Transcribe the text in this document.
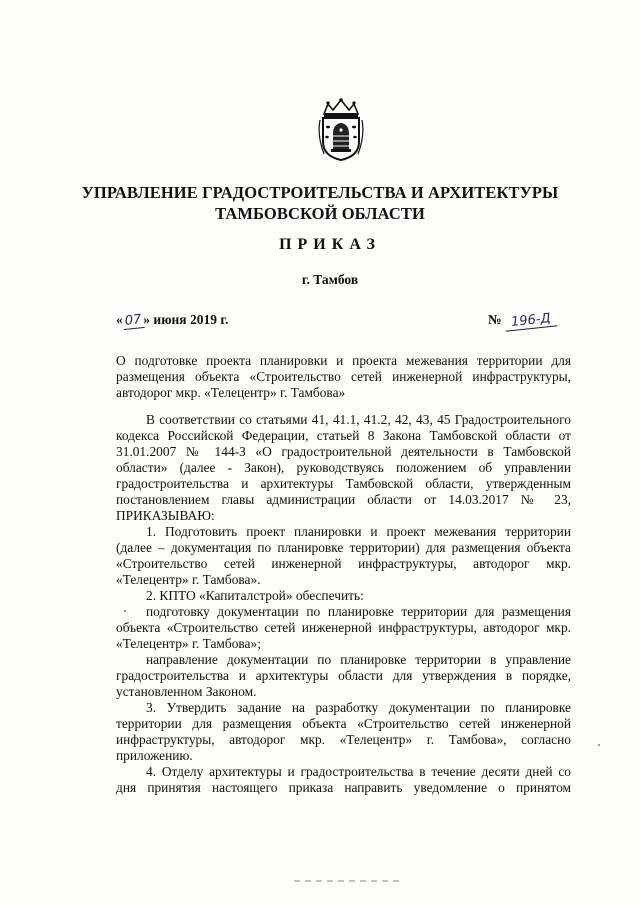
УПРАВЛЕНИЕ ГРАДОСТРОИТЕЛЬСТВА И АРХИТЕКТУРЫ
ТАМБОВСКОЙ ОБЛАСТИ
ПРИКАЗ
г. Тамбов
«07» июня 2019 г.	№ 196-Д
О подготовке проекта планировки и проекта межевания территории для размещения объекта «Строительство сетей инженерной инфраструктуры, автодорог мкр. «Телецентр» г. Тамбова»

В соответствии со статьями 41, 41.1, 41.2, 42, 43, 45 Градостроительного кодекса Российской Федерации, статьей 8 Закона Тамбовской области от 31.01.2007 № 144-З «О градостроительной деятельности в Тамбовской области» (далее - Закон), руководствуясь положением об управлении градостроительства и архитектуры Тамбовской области, утвержденным постановлением главы администрации области от 14.03.2017 № 23, ПРИКАЗЫВАЮ:

1. Подготовить проект планировки и проект межевания территории (далее – документация по планировке территории) для размещения объекта «Строительство сетей инженерной инфраструктуры, автодорог мкр. «Телецентр» г. Тамбова».

2. КПТО «Капиталстрой» обеспечить:

подготовку документации по планировке территории для размещения объекта «Строительство сетей инженерной инфраструктуры, автодорог мкр. «Телецентр» г. Тамбова»;

направление документации по планировке территории в управление градостроительства и архитектуры области для утверждения в порядке, установленном Законом.

3. Утвердить задание на разработку документации по планировке территории для размещения объекта «Строительство сетей инженерной инфраструктуры, автодорог мкр. «Телецентр» г. Тамбова», согласно приложению.

4. Отделу архитектуры и градостроительства в течение десяти дней со дня принятия настоящего приказа направить уведомление о принятом
